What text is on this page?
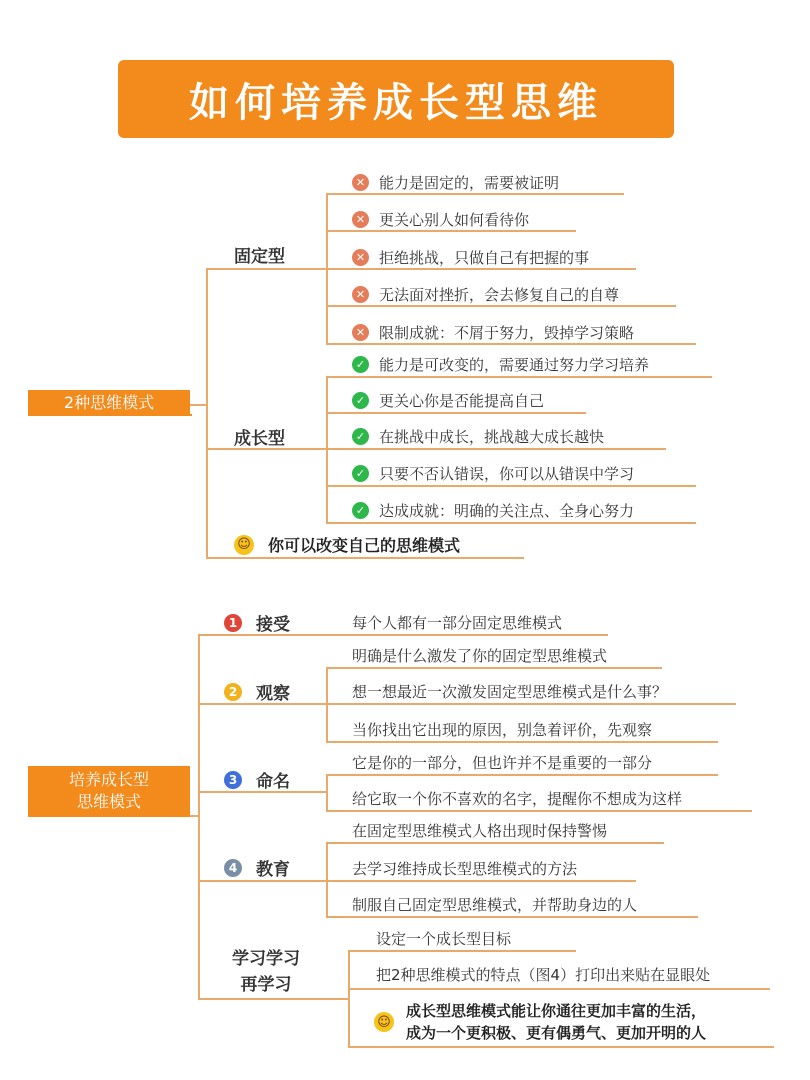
如何培养成长型思维
2种思维模式
固定型
✕ 能力是固定的，需要被证明
✕ 更关心别人如何看待你
✕ 拒绝挑战，只做自己有把握的事
✕ 无法面对挫折，会去修复自己的自尊
✕ 限制成就：不屑于努力，毁掉学习策略
成长型
✓ 能力是可改变的，需要通过努力学习培养
✓ 更关心你是否能提高自己
✓ 在挑战中成长，挑战越大成长越快
✓ 只要不否认错误，你可以从错误中学习
✓ 达成成就：明确的关注点、全身心努力
☺ 你可以改变自己的思维模式
培养成长型
思维模式
1 接受	每个人都有一部分固定思维模式
2 观察
明确是什么激发了你的固定型思维模式
想一想最近一次激发固定型思维模式是什么事？
当你找出它出现的原因，别急着评价，先观察
3 命名
它是你的一部分，但也许并不是重要的一部分
给它取一个你不喜欢的名字，提醒你不想成为这样
4 教育
在固定型思维模式人格出现时保持警惕
去学习维持成长型思维模式的方法
制服自己固定型思维模式，并帮助身边的人
学习学习
再学习
设定一个成长型目标
把2种思维模式的特点（图4）打印出来贴在显眼处
☺
成长型思维模式能让你通往更加丰富的生活，
成为一个更积极、更有偶勇气、更加开明的人
